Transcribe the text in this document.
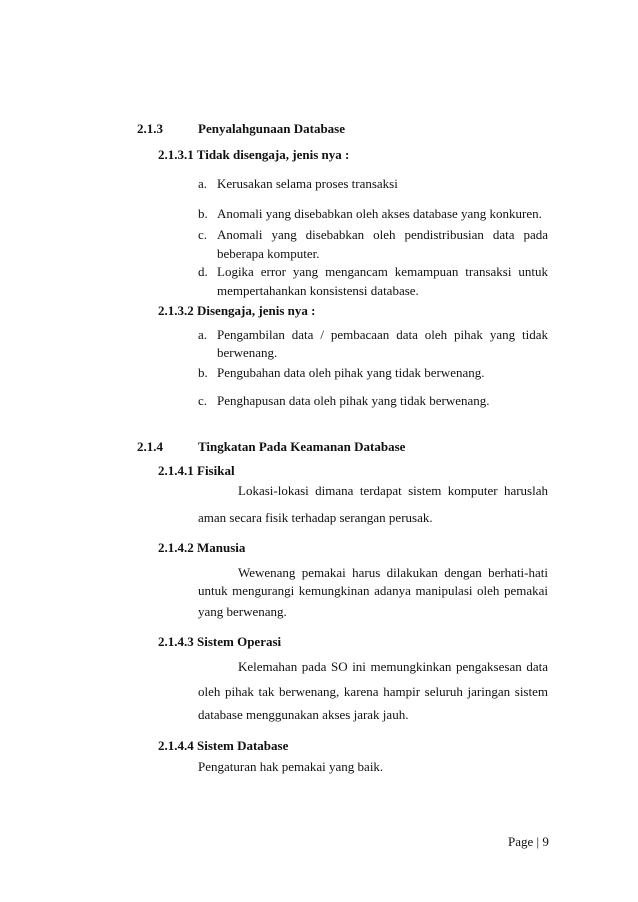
2.1.3	Penyalahgunaan Database
2.1.3.1 Tidak disengaja, jenis nya :
a. Kerusakan selama proses transaksi
b. Anomali yang disebabkan oleh akses database yang konkuren.
c. Anomali yang disebabkan oleh pendistribusian data pada
beberapa komputer.
d. Logika error yang mengancam kemampuan transaksi untuk
mempertahankan konsistensi database.
2.1.3.2 Disengaja, jenis nya :
a. Pengambilan data / pembacaan data oleh pihak yang tidak
berwenang.
b. Pengubahan data oleh pihak yang tidak berwenang.
c. Penghapusan data oleh pihak yang tidak berwenang.
2.1.4	Tingkatan Pada Keamanan Database
2.1.4.1 Fisikal
Lokasi-lokasi dimana terdapat sistem komputer haruslah
aman secara fisik terhadap serangan perusak.
2.1.4.2 Manusia
Wewenang pemakai harus dilakukan dengan berhati-hati
untuk mengurangi kemungkinan adanya manipulasi oleh pemakai
yang berwenang.
2.1.4.3 Sistem Operasi
Kelemahan pada SO ini memungkinkan pengaksesan data
oleh pihak tak berwenang, karena hampir seluruh jaringan sistem
database menggunakan akses jarak jauh.
2.1.4.4 Sistem Database
Pengaturan hak pemakai yang baik.
Page | 9
